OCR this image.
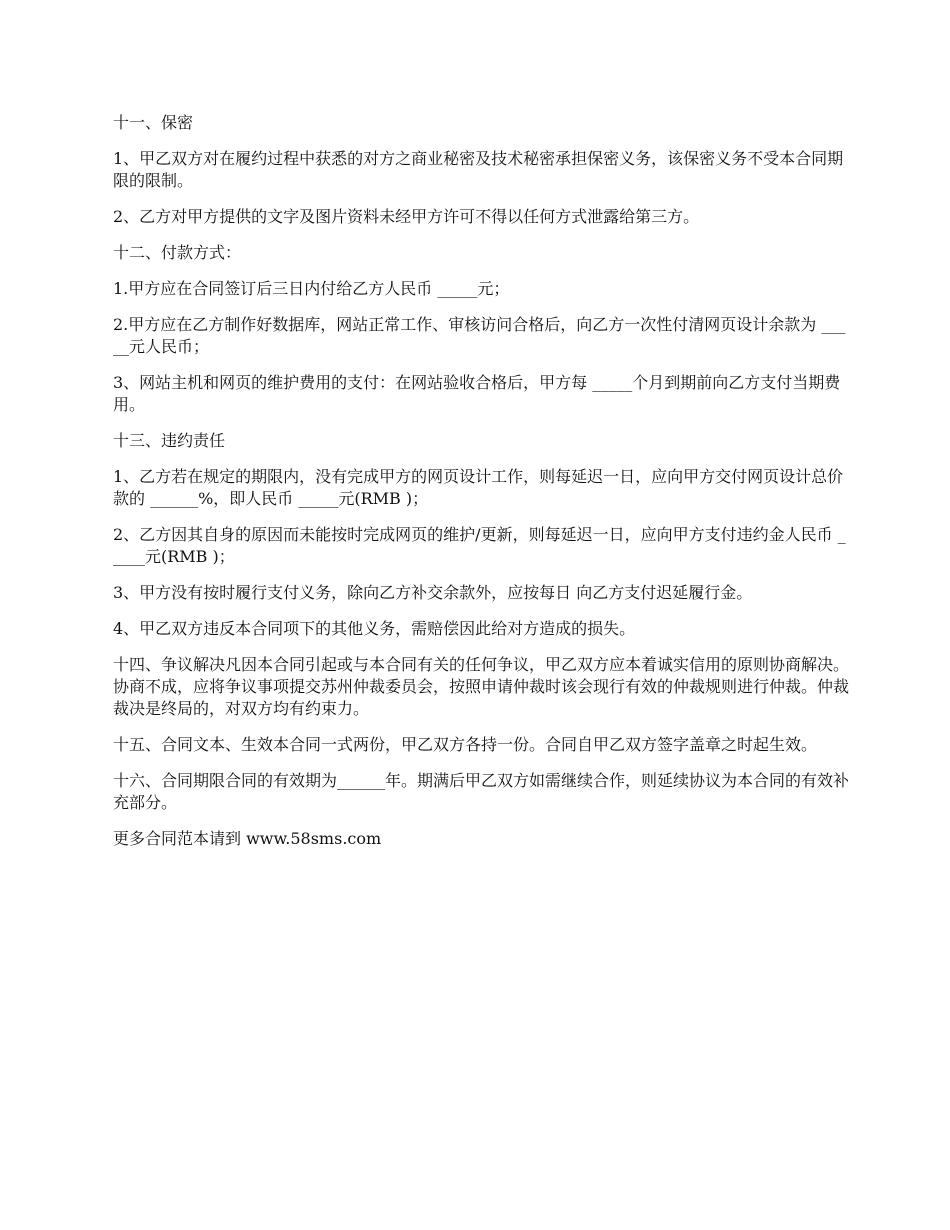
十一、保密

1、甲乙双方对在履约过程中获悉的对方之商业秘密及技术秘密承担保密义务，该保密义务不受本合同期限的限制。

2、乙方对甲方提供的文字及图片资料未经甲方许可不得以任何方式泄露给第三方。

十二、付款方式：

1.甲方应在合同签订后三日内付给乙方人民币 _____元；

2.甲方应在乙方制作好数据库，网站正常工作、审核访问合格后，向乙方一次性付清网页设计余款为 _____元人民币；

3、网站主机和网页的维护费用的支付：在网站验收合格后，甲方每 _____个月到期前向乙方支付当期费用。

十三、违约责任

1、乙方若在规定的期限内，没有完成甲方的网页设计工作，则每延迟一日，应向甲方交付网页设计总价款的 ______%，即人民币 _____元(RMB )；

2、乙方因其自身的原因而未能按时完成网页的维护/更新，则每延迟一日，应向甲方支付违约金人民币 _____元(RMB )；

3、甲方没有按时履行支付义务，除向乙方补交余款外，应按每日 向乙方支付迟延履行金。

4、甲乙双方违反本合同项下的其他义务，需赔偿因此给对方造成的损失。

十四、争议解决凡因本合同引起或与本合同有关的任何争议，甲乙双方应本着诚实信用的原则协商解决。协商不成，应将争议事项提交苏州仲裁委员会，按照申请仲裁时该会现行有效的仲裁规则进行仲裁。仲裁裁决是终局的，对双方均有约束力。

十五、合同文本、生效本合同一式两份，甲乙双方各持一份。合同自甲乙双方签字盖章之时起生效。

十六、合同期限合同的有效期为______年。期满后甲乙双方如需继续合作，则延续协议为本合同的有效补充部分。

更多合同范本请到 www.58sms.com
